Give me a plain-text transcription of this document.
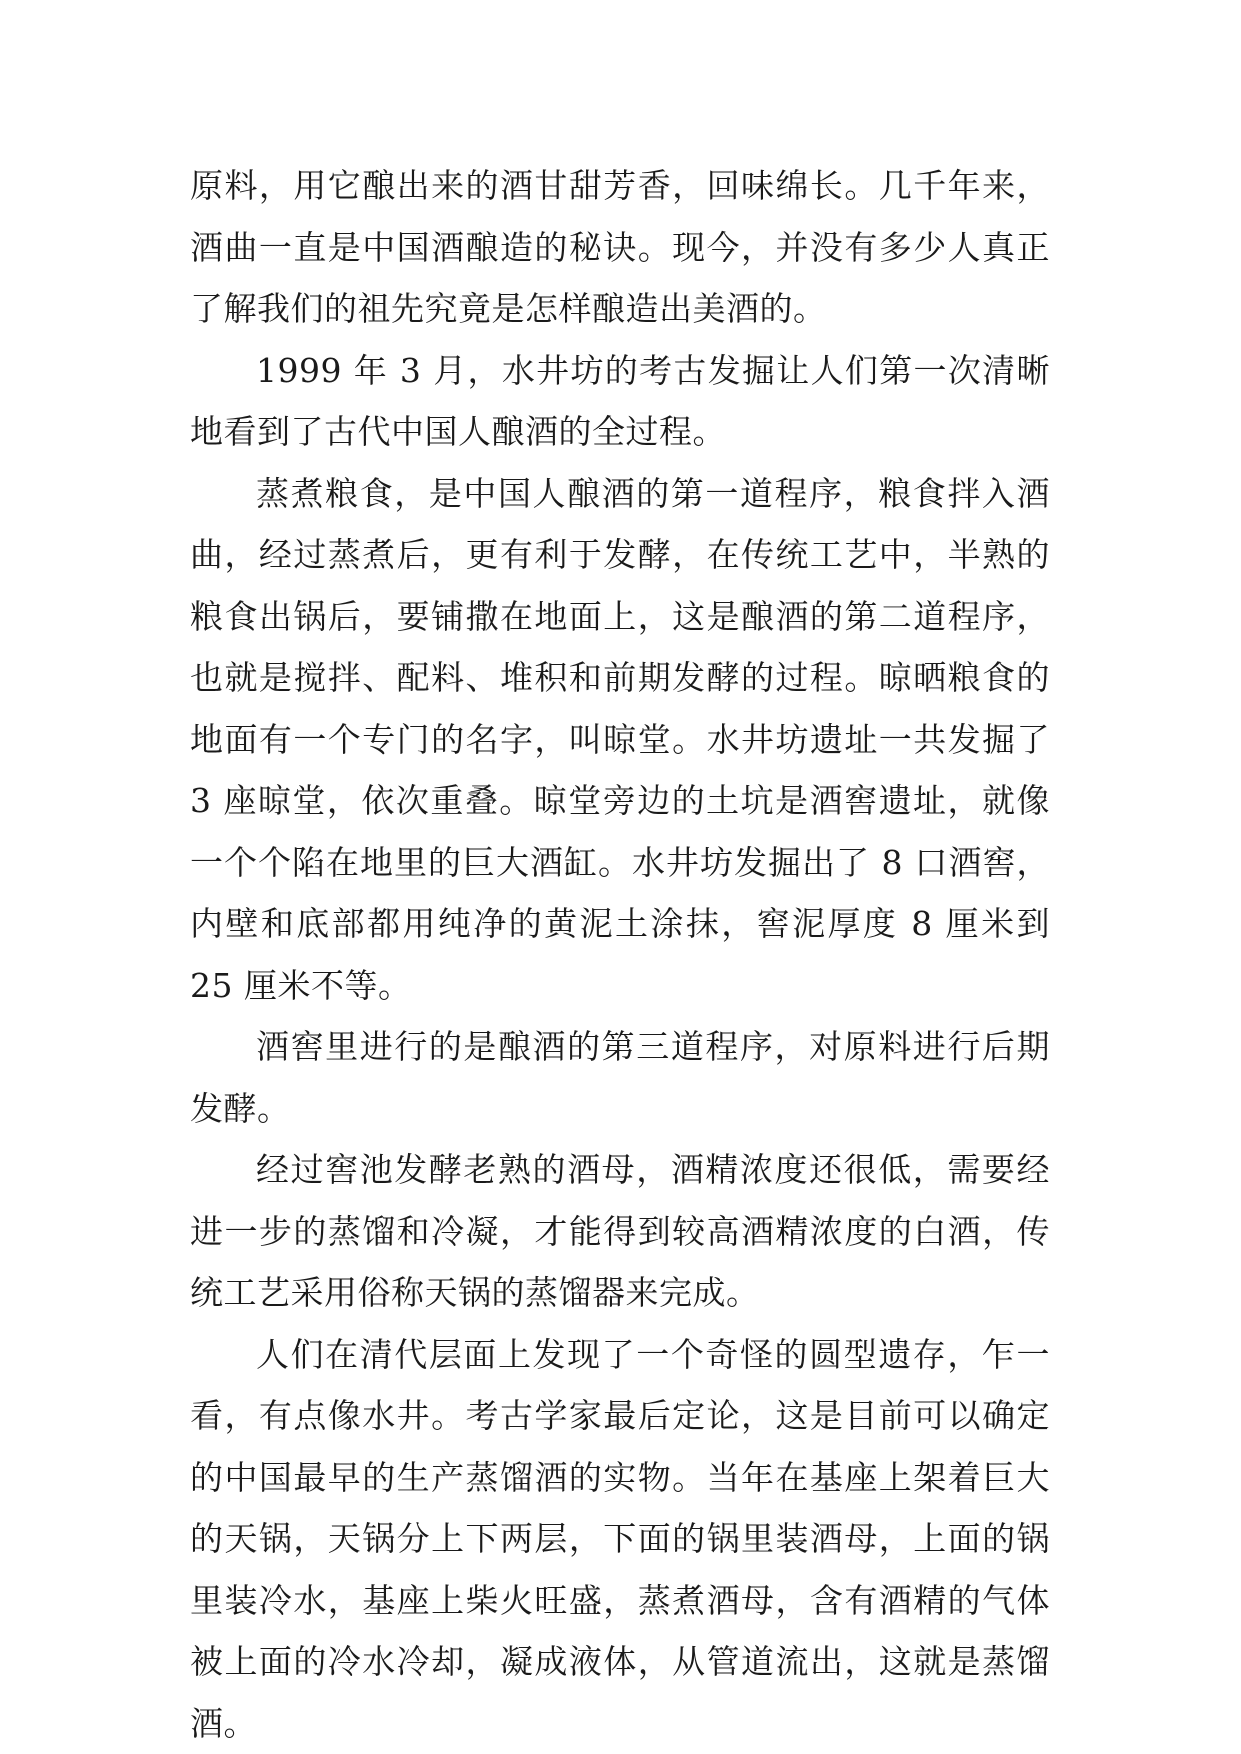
原料，用它酿出来的酒甘甜芳香，回味绵长。几千年来，酒曲一直是中国酒酿造的秘诀。现今，并没有多少人真正了解我们的祖先究竟是怎样酿造出美酒的。

1999 年 3 月，水井坊的考古发掘让人们第一次清晰地看到了古代中国人酿酒的全过程。

蒸煮粮食，是中国人酿酒的第一道程序，粮食拌入酒曲，经过蒸煮后，更有利于发酵，在传统工艺中，半熟的粮食出锅后，要铺撒在地面上，这是酿酒的第二道程序，也就是搅拌、配料、堆积和前期发酵的过程。晾晒粮食的地面有一个专门的名字，叫晾堂。水井坊遗址一共发掘了 3 座晾堂，依次重叠。晾堂旁边的土坑是酒窖遗址，就像一个个陷在地里的巨大酒缸。水井坊发掘出了 8 口酒窖，内壁和底部都用纯净的黄泥土涂抹，窖泥厚度 8 厘米到 25 厘米不等。

酒窖里进行的是酿酒的第三道程序，对原料进行后期发酵。

经过窖池发酵老熟的酒母，酒精浓度还很低，需要经进一步的蒸馏和冷凝，才能得到较高酒精浓度的白酒，传统工艺采用俗称天锅的蒸馏器来完成。

人们在清代层面上发现了一个奇怪的圆型遗存，乍一看，有点像水井。考古学家最后定论，这是目前可以确定的中国最早的生产蒸馏酒的实物。当年在基座上架着巨大的天锅，天锅分上下两层，下面的锅里装酒母，上面的锅里装冷水，基座上柴火旺盛，蒸煮酒母，含有酒精的气体被上面的冷水冷却，凝成液体，从管道流出，这就是蒸馏酒。
